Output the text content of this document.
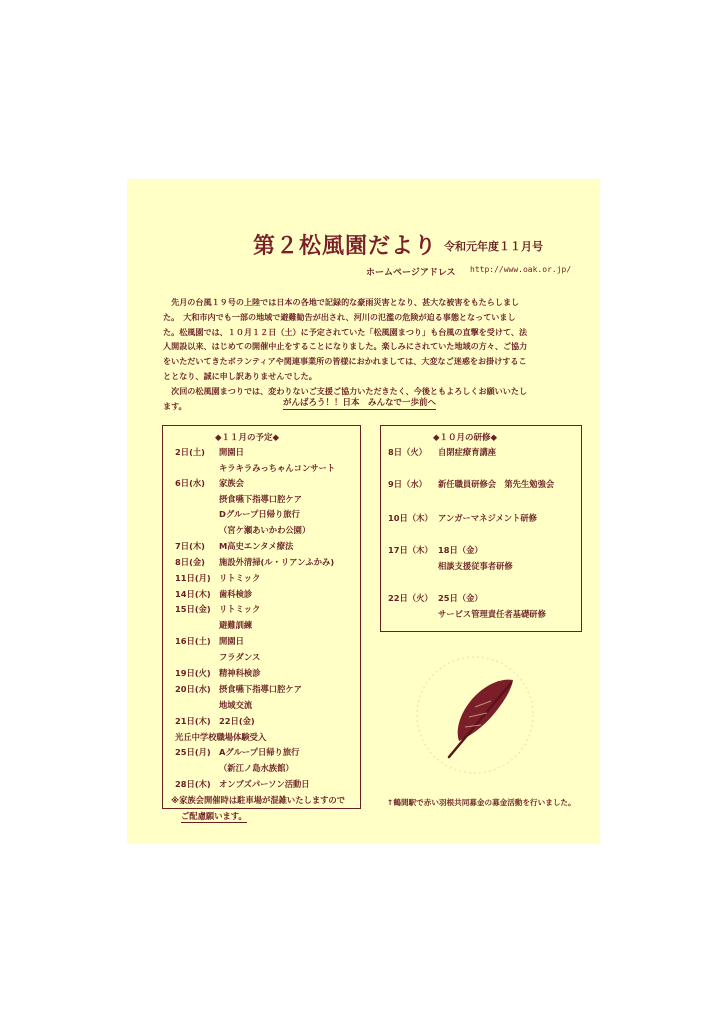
第２松風園だより 令和元年度１１月号
ホームページアドレス http://www.oak.or.jp/

　先月の台風１９号の上陸では日本の各地で記録的な豪雨災害となり、甚大な被害をもたらしまし

た。　大和市内でも一部の地域で避難勧告が出され、河川の氾濫の危険が迫る事態となっていまし

た。松風園では、１０月１２日（土）に予定されていた「松風園まつり」も台風の直撃を受けて、法

人開設以来、はじめての開催中止をすることになりました。楽しみにされていた地域の方々、ご協力

をいただいてきたボランティアや関連事業所の皆様におかれましては、大変なご迷惑をお掛けするこ

ととなり、誠に申し訳ありませんでした。

　次回の松風園まつりでは、変わりないご支援ご協力いただきたく、今後ともよろしくお願いいたし

ます。	がんばろう！！日本　みんなで一歩前へ
◆１１月の予定◆
2日(土) 開園日
キラキラみっちゃんコンサート
6日(水) 家族会
摂食嚥下指導口腔ケア
Dグループ日帰り旅行
（宮ケ瀬あいかわ公園）
7日(木) M高史エンタメ療法
8日(金) 施設外清掃(ル・リアンふかみ)
11日(月) リトミック
14日(木) 歯科検診
15日(金) リトミック
避難訓練
16日(土) 開園日
フラダンス
19日(火) 精神科検診
20日(水) 摂食嚥下指導口腔ケア
地域交流
21日(木) 22日(金)
光丘中学校職場体験受入
25日(月) Aグループ日帰り旅行
（新江ノ島水族館）
28日(木) オンブズパーソン活動日
※家族会開催時は駐車場が混雑いたしますので
ご配慮願います。
◆１０月の研修◆
8日（火） 自閉症療育講座
9日（水） 新任職員研修会　第先生勉強会
10日（木） アンガーマネジメント研修
17日（木） 18日（金）
相談支援従事者研修
22日（火） 25日（金）
サービス管理責任者基礎研修
↑鶴間駅で赤い羽根共同募金の募金活動を行いました。
